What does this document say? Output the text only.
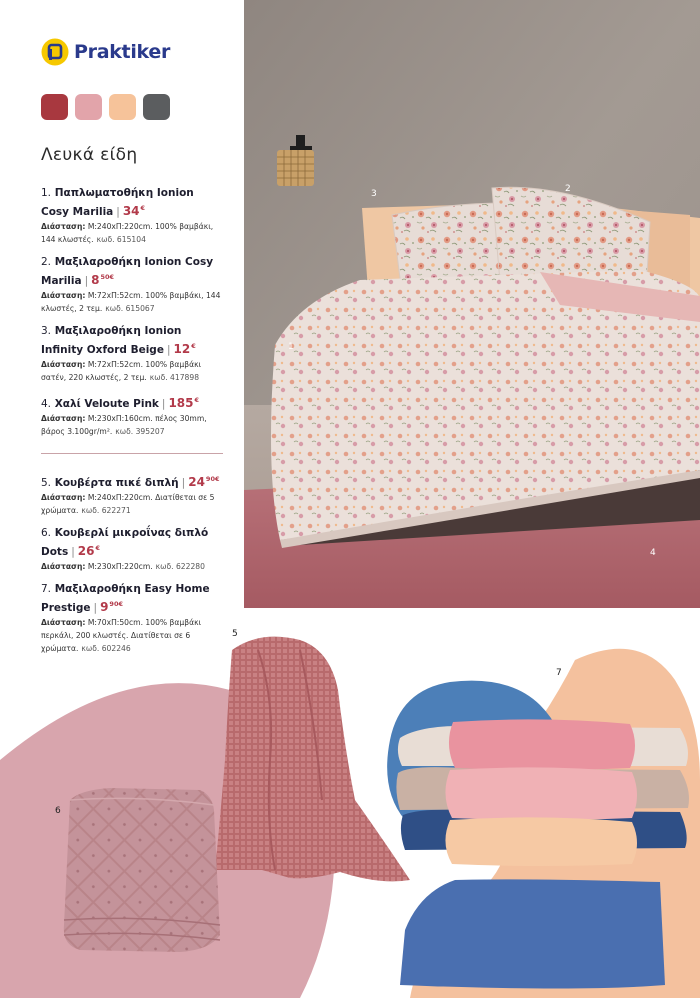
Praktiker
Λευκά είδη
1. Παπλωματοθήκη Ionion Cosy Marilia | 34€
Διάσταση: Μ:240xΠ:220cm. 100% βαμβάκι, 144 κλωστές. κωδ. 615104
2. Μαξιλαροθήκη Ionion Cosy Marilia | $8^{50€}$
Διάσταση: Μ:72xΠ:52cm. 100% βαμβάκι, 144 κλωστές, 2 τεμ. κωδ. 615067
3. Μαξιλαροθήκη Ionion Infinity Oxford Beige | 12€
Διάσταση: Μ:72xΠ:52cm. 100% βαμβάκι σατέν, 220 κλωστές, 2 τεμ. κωδ. 417898
4. Χαλί Veloute Pink | 185€
Διάσταση: Μ:230xΠ:160cm. πέλος 30mm, βάρος 3.100gr/m². κωδ. 395207
5. Κουβέρτα πικέ διπλή | $24^{90€}$
Διάσταση: Μ:240xΠ:220cm. Διατίθεται σε 5 χρώματα. κωδ. 622271
6. Κουβερλί μικροΐνας διπλό Dots | 26€
Διάσταση: Μ:230xΠ:220cm. κωδ. 622280
7. Μαξιλαροθήκη Easy Home Prestige | $9^{90€}$
Διάσταση: Μ:70xΠ:50cm. 100% βαμβάκι περκάλι, 200 κλωστές. Διατίθεται σε 6 χρώματα. κωδ. 602246
1
2
3
4
5
6
7
